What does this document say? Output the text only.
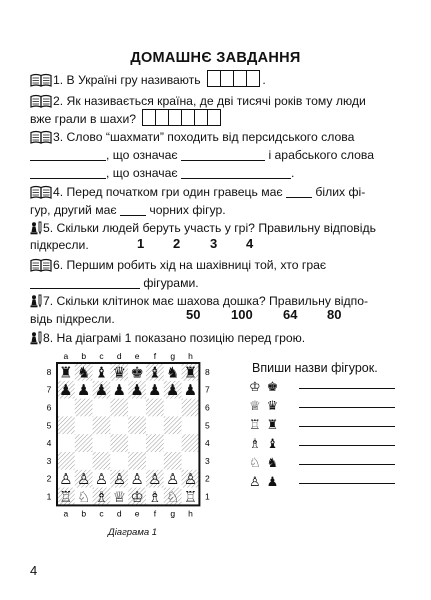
ДОМАШНЄ ЗАВДАННЯ
1. В Україні гру називають	.
2. Як називається країна, де дві тисячі років тому люди
вже грали в шахи?
3. Слово “шахмати” походить від персидського слова
, що означає	і арабського слова
, що означає	.
4. Перед початком гри один гравець має	білих фі-
гур, другий має	чорних фігур.
5. Скільки людей беруть участь у грі? Правильну відповідь
підкресли.	1 2 3 4
6. Першим робить хід на шахівниці той, хто грає
фігурами.
7. Скільки клітинок має шахова дошка? Правильну відпо-
відь підкресли.	50 100 64 80
8. На діаграмі 1 показано позицію перед грою.
a
a
b
b
c
c
d
d
e
e
f
f
g
g
h
h
8	8
7	7
6	6
5	5
4	4
3	3
2	2
1	1
♜ ♞ ♝ ♛ ♚ ♝ ♞ ♜
♟ ♟ ♟ ♟ ♟ ♟ ♟ ♟
♙ ♙ ♙ ♙ ♙ ♙ ♙ ♙
♖ ♘ ♗ ♕ ♔ ♗ ♘ ♖
Діаграма 1
Впиши назви фігурок.
♔ ♚
♕ ♛
♖ ♜
♗ ♝
♘ ♞
♙ ♟
4
